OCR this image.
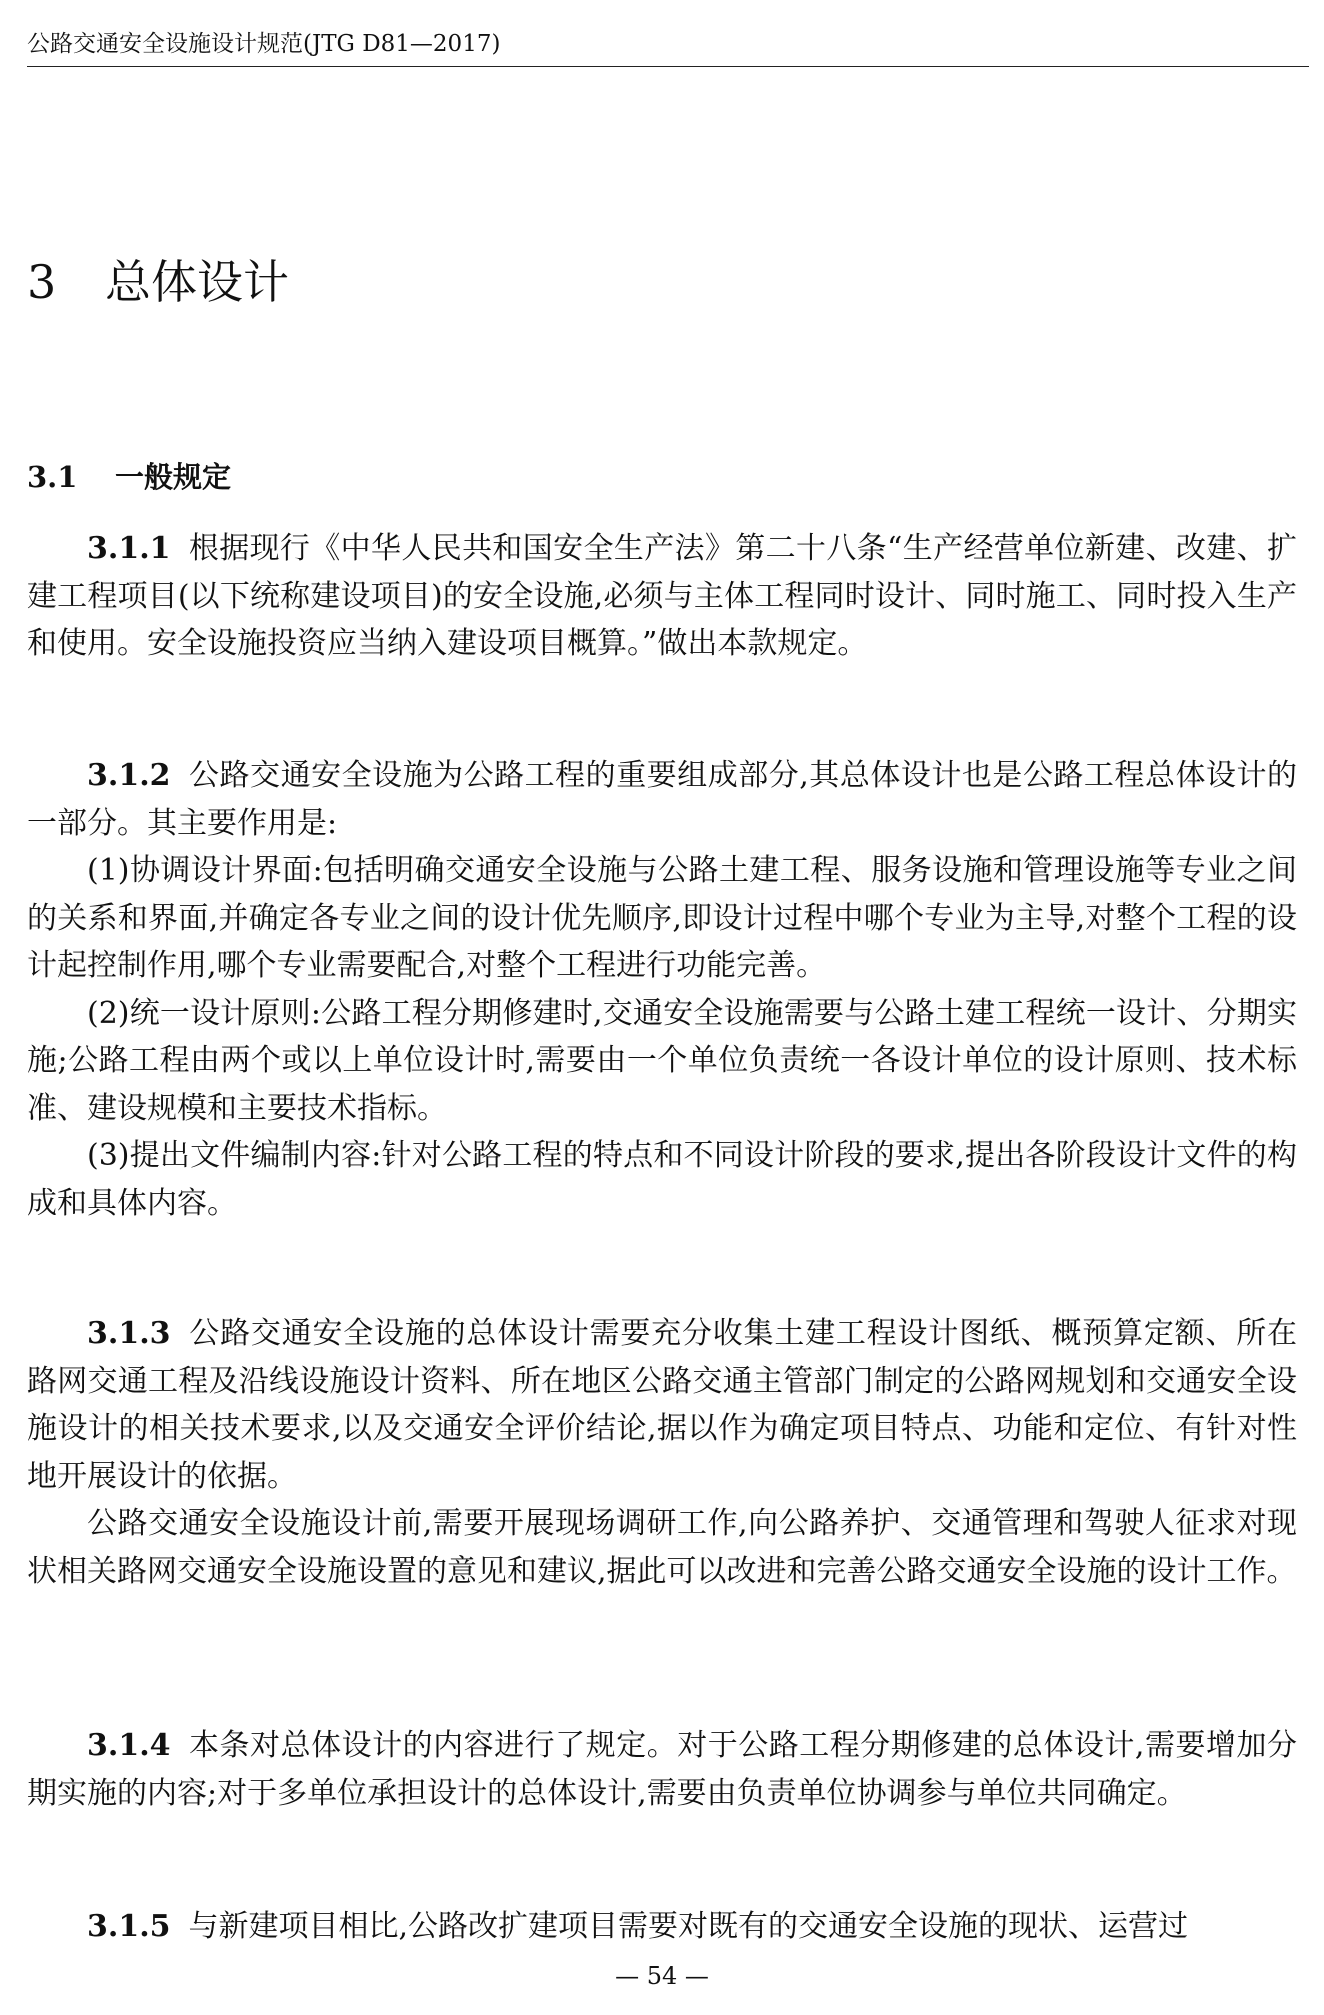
公路交通安全设施设计规范(JTG D81—2017)
3 总体设计
3.1 一般规定

3.1.1 根据现行《中华人民共和国安全生产法》第二十八条“生产经营单位新建、改建、扩建工程项目(以下统称建设项目)的安全设施,必须与主体工程同时设计、同时施工、同时投入生产和使用。安全设施投资应当纳入建设项目概算。”做出本款规定。

3.1.2 公路交通安全设施为公路工程的重要组成部分,其总体设计也是公路工程总体设计的一部分。其主要作用是:

(1)协调设计界面:包括明确交通安全设施与公路土建工程、服务设施和管理设施等专业之间的关系和界面,并确定各专业之间的设计优先顺序,即设计过程中哪个专业为主导,对整个工程的设计起控制作用,哪个专业需要配合,对整个工程进行功能完善。

(2)统一设计原则:公路工程分期修建时,交通安全设施需要与公路土建工程统一设计、分期实施;公路工程由两个或以上单位设计时,需要由一个单位负责统一各设计单位的设计原则、技术标准、建设规模和主要技术指标。

(3)提出文件编制内容:针对公路工程的特点和不同设计阶段的要求,提出各阶段设计文件的构成和具体内容。

3.1.3 公路交通安全设施的总体设计需要充分收集土建工程设计图纸、概预算定额、所在路网交通工程及沿线设施设计资料、所在地区公路交通主管部门制定的公路网规划和交通安全设施设计的相关技术要求,以及交通安全评价结论,据以作为确定项目特点、功能和定位、有针对性地开展设计的依据。

公路交通安全设施设计前,需要开展现场调研工作,向公路养护、交通管理和驾驶人征求对现状相关路网交通安全设施设置的意见和建议,据此可以改进和完善公路交通安全设施的设计工作。

3.1.4 本条对总体设计的内容进行了规定。对于公路工程分期修建的总体设计,需要增加分期实施的内容;对于多单位承担设计的总体设计,需要由负责单位协调参与单位共同确定。

3.1.5 与新建项目相比,公路改扩建项目需要对既有的交通安全设施的现状、运营过

— 54 —
